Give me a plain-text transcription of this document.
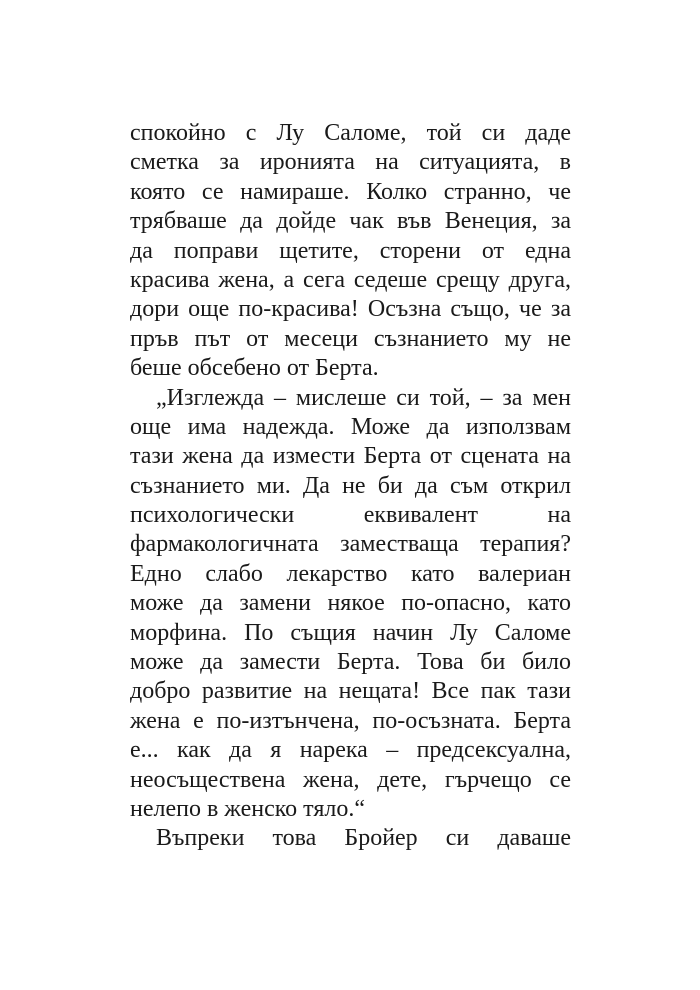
спокойно с Лу Саломе, той си даде
сметка за иронията на ситуацията, в
която се намираше. Колко странно, че
трябваше да дойде чак във Венеция, за
да поправи щетите, сторени от една
красива жена, а сега седеше срещу друга,
дори още по-красива! Осъзна също, че за
пръв път от месеци съзнанието му не
беше обсебено от Берта.
„Изглежда – мислеше си той, – за мен
още има надежда. Може да използвам
тази жена да измести Берта от сцената на
съзнанието ми. Да не би да съм открил
психологически еквивалент на
фармакологичната заместваща терапия?
Едно слабо лекарство като валериан
може да замени някое по-опасно, като
морфина. По същия начин Лу Саломе
може да замести Берта. Това би било
добро развитие на нещата! Все пак тази
жена е по-изтънчена, по-осъзната. Берта
е... как да я нарека – предсексуална,
неосъществена жена, дете, гърчещо се
нелепо в женско тяло.“
Въпреки това Бройер си даваше
